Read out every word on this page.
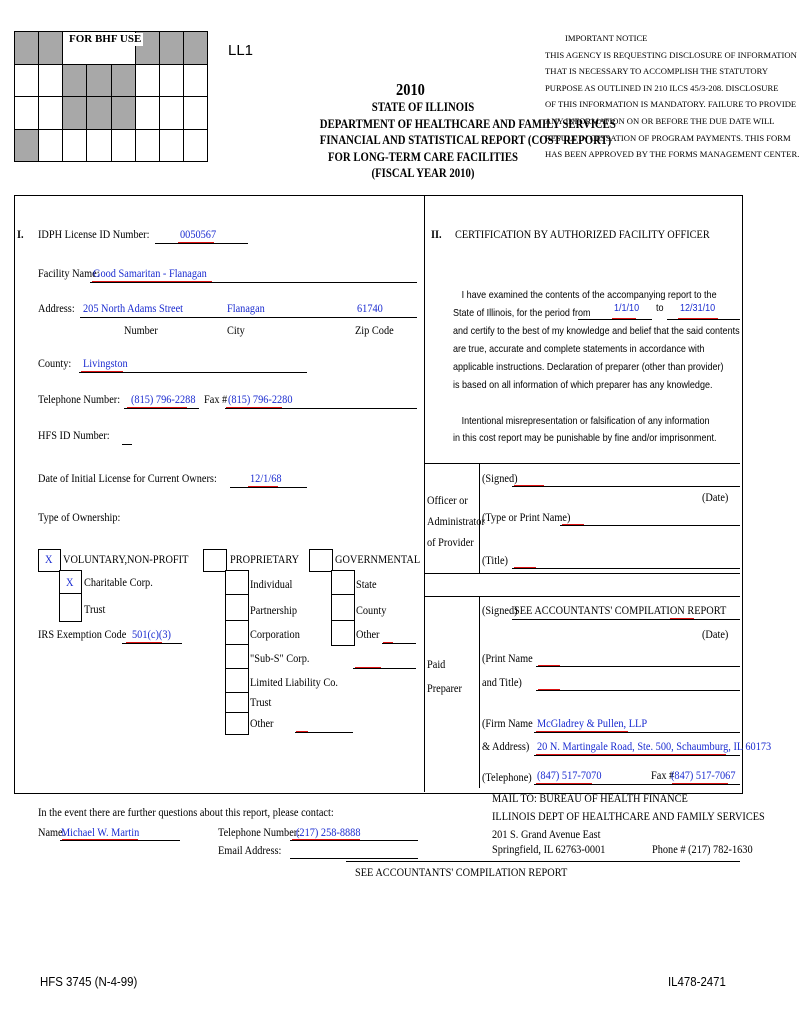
FOR BHF USE
LL1
2010
STATE OF ILLINOIS
DEPARTMENT OF HEALTHCARE AND FAMILY SERVICES
FINANCIAL AND STATISTICAL REPORT (COST REPORT)
FOR LONG-TERM CARE FACILITIES
(FISCAL YEAR 2010)
IMPORTANT NOTICE
THIS AGENCY IS REQUESTING DISCLOSURE OF INFORMATION
THAT IS NECESSARY TO ACCOMPLISH THE STATUTORY
PURPOSE AS OUTLINED IN 210 ILCS 45/3-208. DISCLOSURE
OF THIS INFORMATION IS MANDATORY. FAILURE TO PROVIDE
ANY INFORMATION ON OR BEFORE THE DUE DATE WILL
RESULT IN CESSATION OF PROGRAM PAYMENTS. THIS FORM
HAS BEEN APPROVED BY THE FORMS MANAGEMENT CENTER.
I. IDPH License ID Number:	0050567
Facility Name:
Good Samaritan - Flanagan
Address: 205 North Adams Street	Flanagan	61740
Number	City	Zip Code
County: Livingston
Telephone Number: (815) 796-2288 Fax # (815) 796-2280
HFS ID Number:
Date of Initial License for Current Owners:	12/1/68
Type of Ownership:
X VOLUNTARY,NON-PROFIT
X Charitable Corp.
Trust
IRS Exemption Code 501(c)(3)
PROPRIETARY
Individual
Partnership
Corporation
"Sub-S" Corp.
Limited Liability Co.
Trust
Other
GOVERNMENTAL
State
County
Other
In the event there are further questions about this report, please contact:
Name:
Michael W. Martin	Telephone Number:
(217) 258-8888
Email Address:
II. CERTIFICATION BY AUTHORIZED FACILITY OFFICER
I have examined the contents of the accompanying report to the
State of Illinois, for the period from
and certify to the best of my knowledge and belief that the said contents
are true, accurate and complete statements in accordance with
applicable instructions. Declaration of preparer (other than provider)
is based on all information of which preparer has any knowledge.
1/1/10 to 12/31/10
Intentional misrepresentation or falsification of any information
in this cost report may be punishable by fine and/or imprisonment.
Officer or
Administrator
of Provider
(Signed)
(Date)
(Type or Print Name)
(Title)
(Signed)
SEE ACCOUNTANTS' COMPILATION REPORT
(Date)
Paid
Preparer
(Print Name
and Title)
(Firm Name McGladrey & Pullen, LLP
& Address) 20 N. Martingale Road, Ste. 500, Schaumburg, IL 60173
(Telephone) (847) 517-7070	Fax #
(847) 517-7067
MAIL TO: BUREAU OF HEALTH FINANCE
ILLINOIS DEPT OF HEALTHCARE AND FAMILY SERVICES
201 S. Grand Avenue East
Springfield, IL 62763-0001	Phone # (217) 782-1630
SEE ACCOUNTANTS' COMPILATION REPORT
HFS 3745 (N-4-99)	IL478-2471
